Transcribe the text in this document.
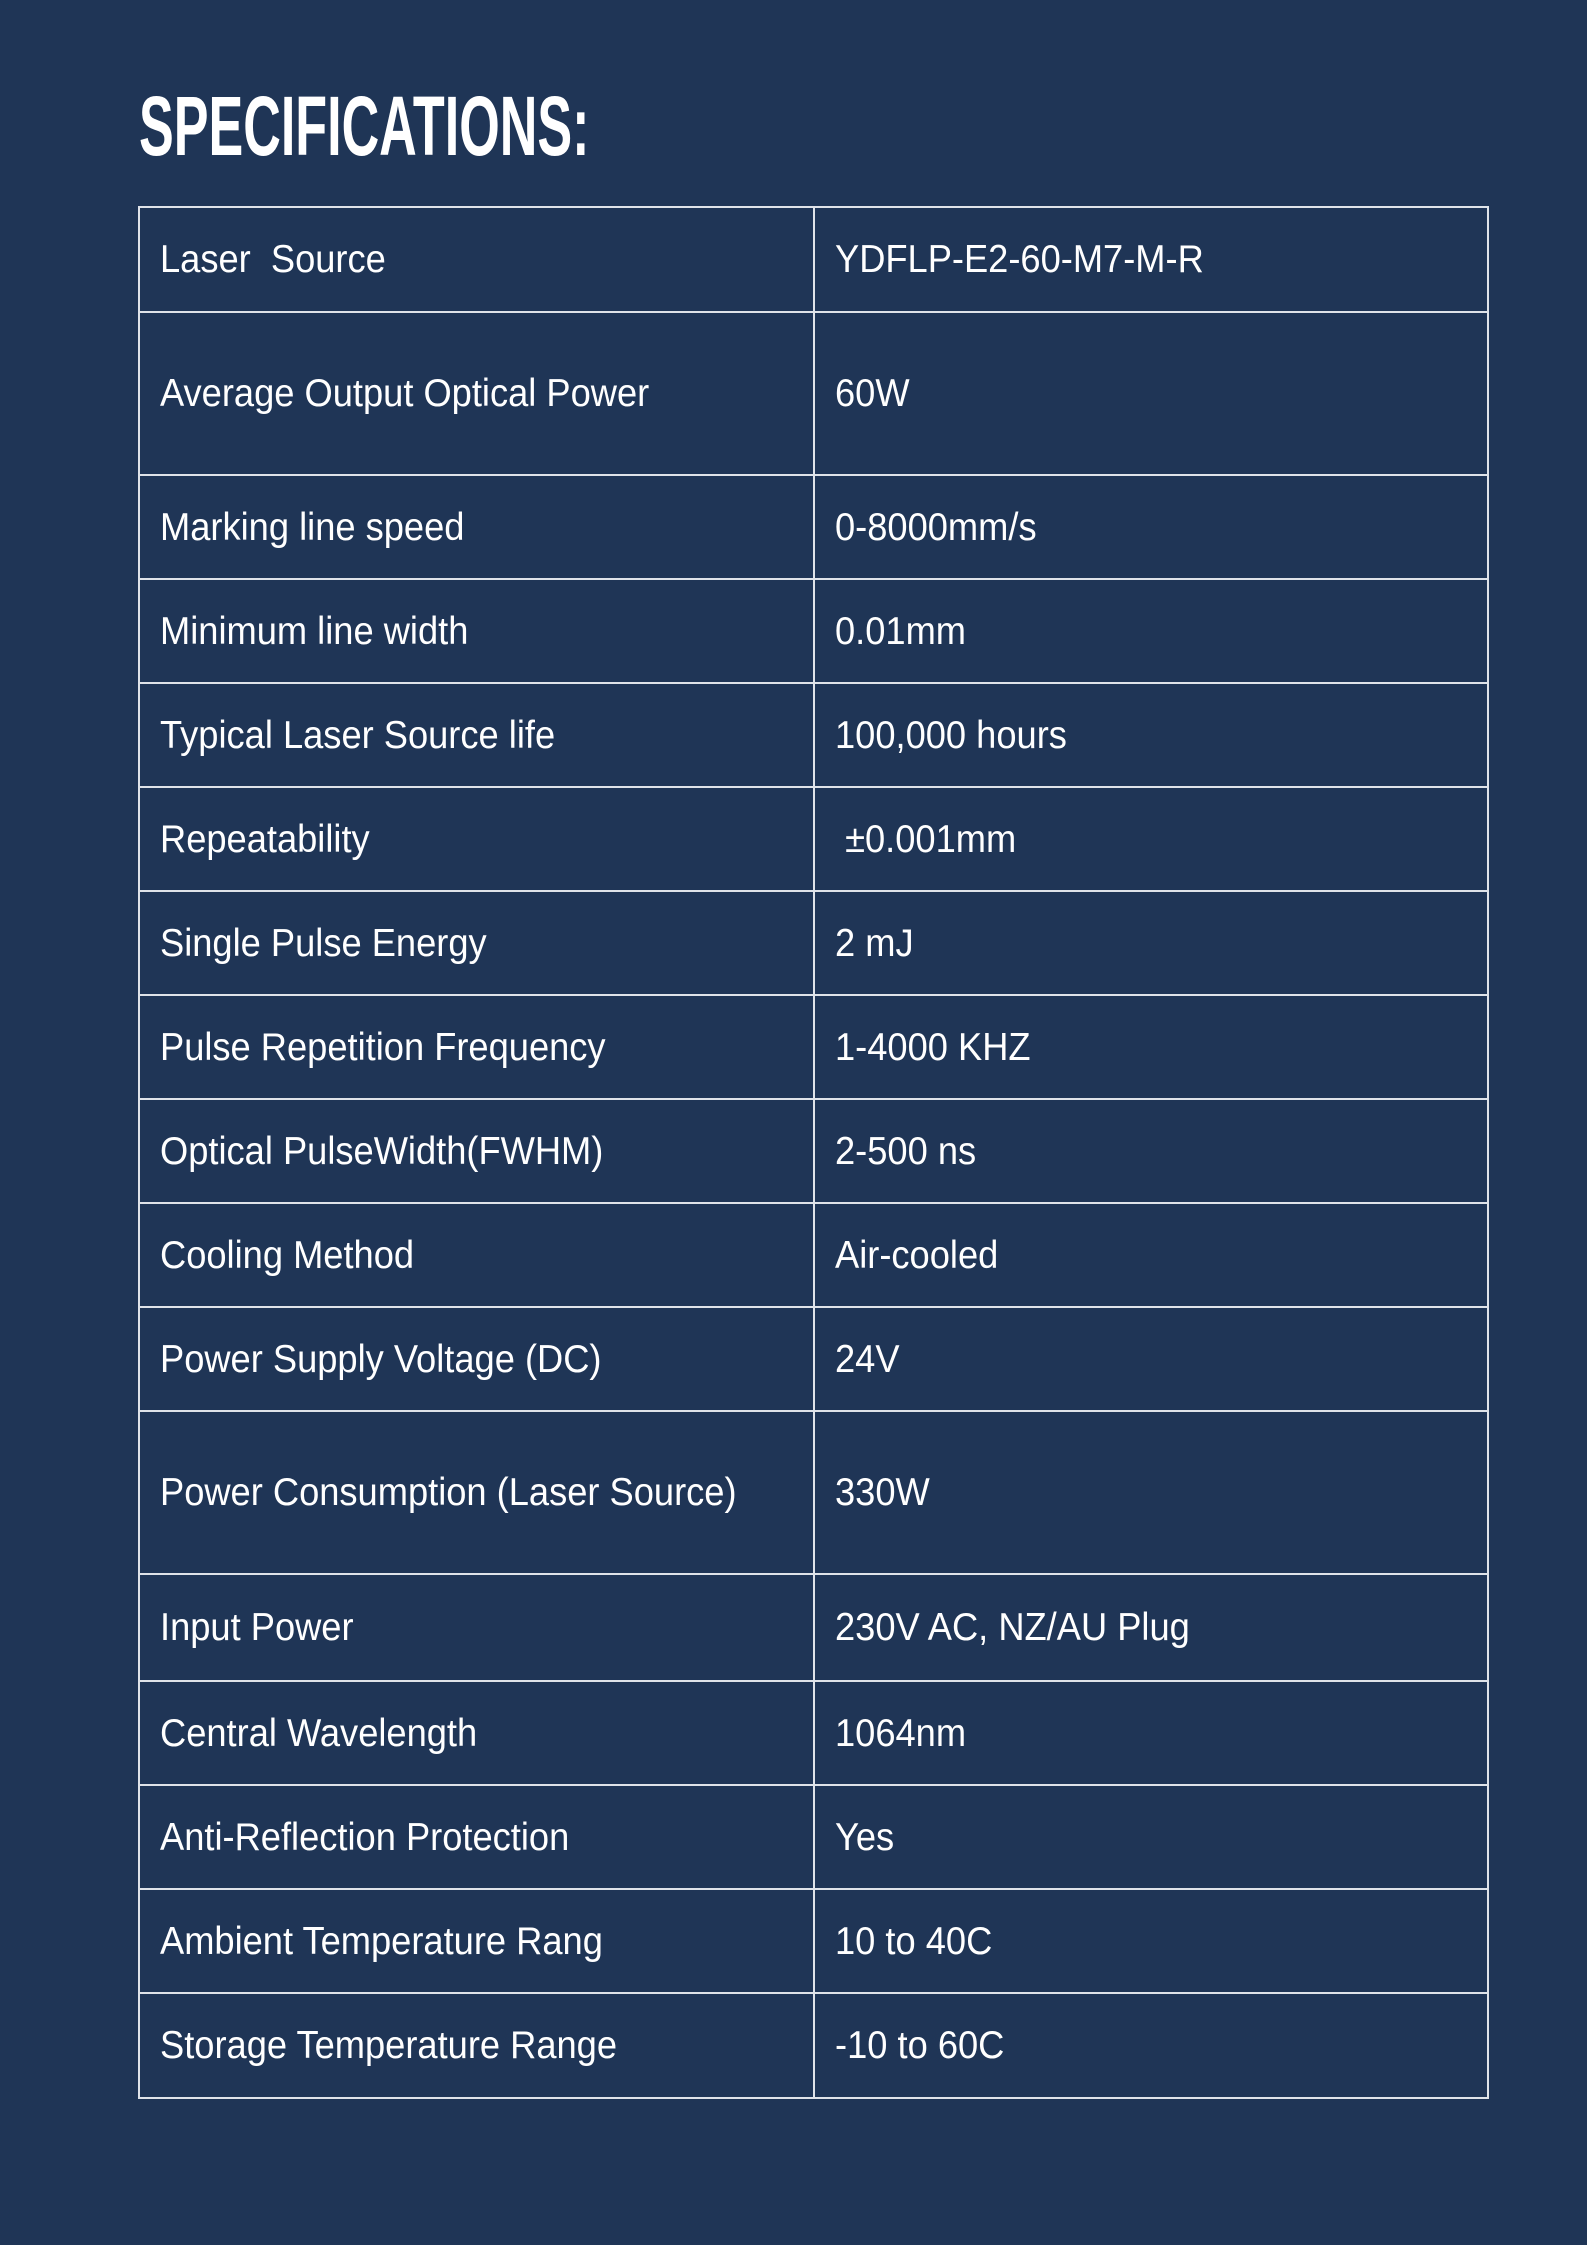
SPECIFICATIONS:
Laser  Source	YDFLP-E2-60-M7-M-R
Average Output Optical Power	60W
Marking line speed	0-8000mm/s
Minimum line width	0.01mm
Typical Laser Source life	100,000 hours
Repeatability	±0.001mm
Single Pulse Energy	2 mJ
Pulse Repetition Frequency	1-4000 KHZ
Optical PulseWidth(FWHM)	2-500 ns
Cooling Method	Air-cooled
Power Supply Voltage (DC)	24V
Power Consumption (Laser Source)	330W
Input Power	230V AC, NZ/AU Plug
Central Wavelength	1064nm
Anti-Reflection Protection	Yes
Ambient Temperature Rang	10 to 40C
Storage Temperature Range	-10 to 60C
